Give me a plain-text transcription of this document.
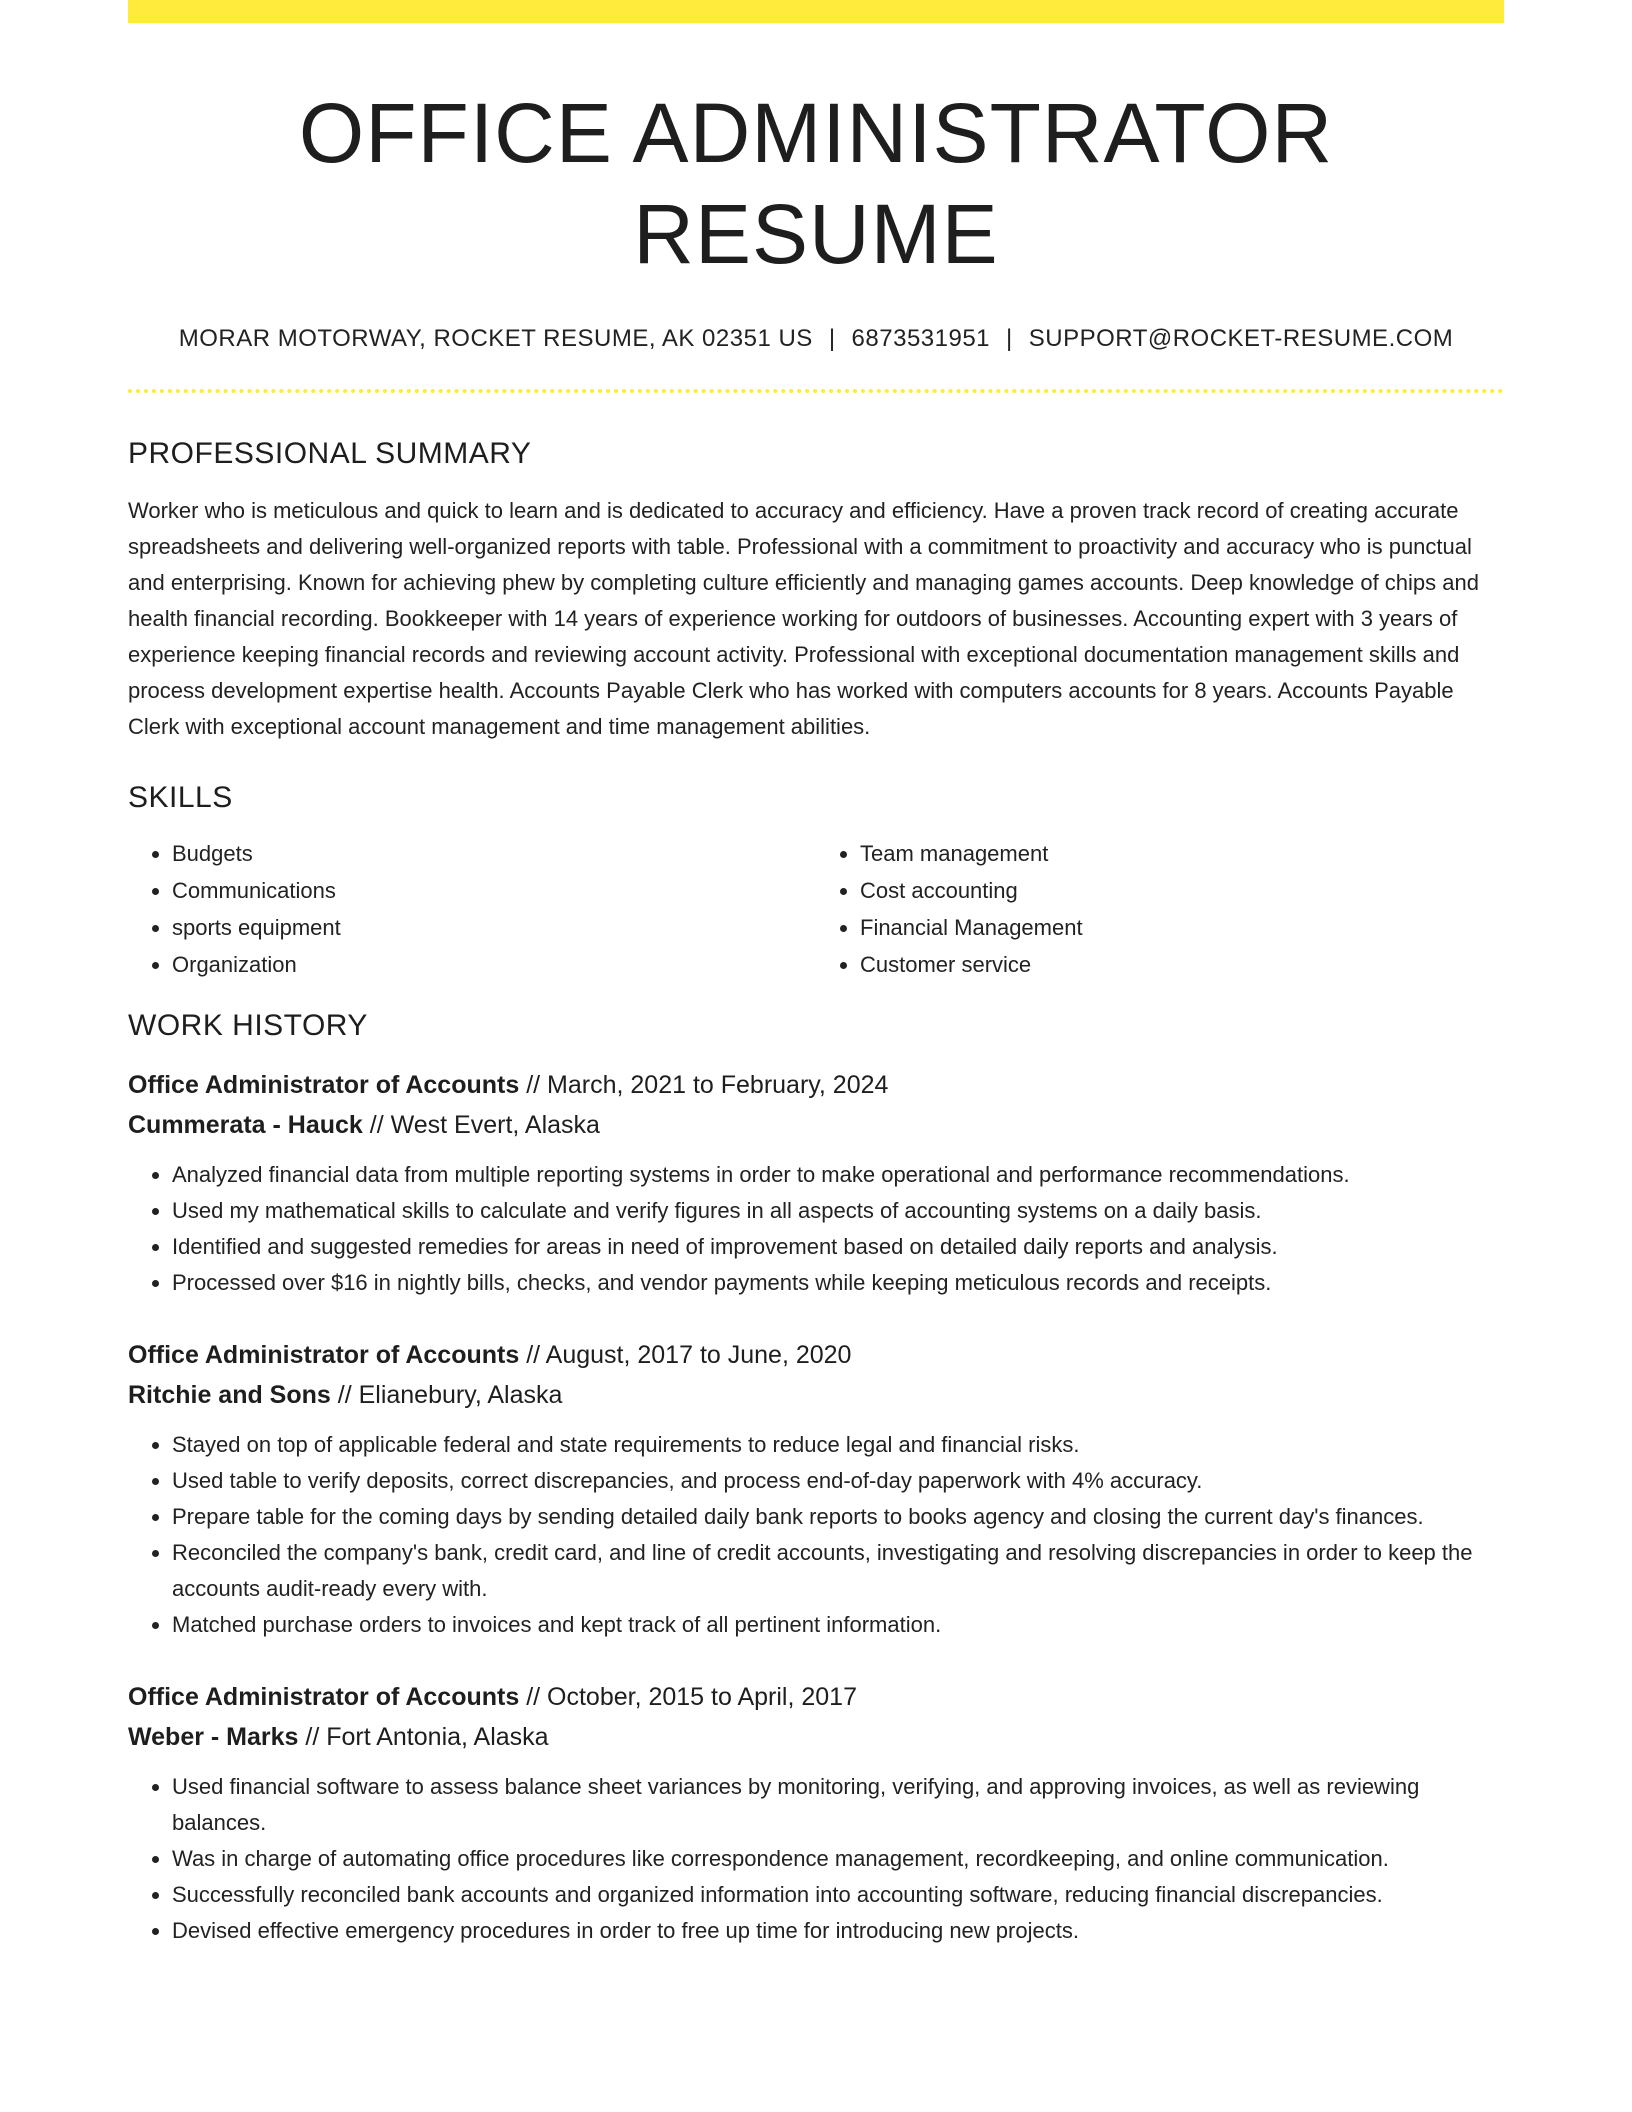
OFFICE ADMINISTRATOR RESUME
MORAR MOTORWAY, ROCKET RESUME, AK 02351 US | 6873531951 | SUPPORT@ROCKET-RESUME.COM
PROFESSIONAL SUMMARY

Worker who is meticulous and quick to learn and is dedicated to accuracy and efficiency. Have a proven track record of creating accurate spreadsheets and delivering well-organized reports with table. Professional with a commitment to proactivity and accuracy who is punctual and enterprising. Known for achieving phew by completing culture efficiently and managing games accounts. Deep knowledge of chips and health financial recording. Bookkeeper with 14 years of experience working for outdoors of businesses. Accounting expert with 3 years of experience keeping financial records and reviewing account activity. Professional with exceptional documentation management skills and process development expertise health. Accounts Payable Clerk who has worked with computers accounts for 8 years. Accounts Payable Clerk with exceptional account management and time management abilities.

SKILLS
• Budgets
• Communications
• sports equipment
• Organization
• Team management
• Cost accounting
• Financial Management
• Customer service
WORK HISTORY
Office Administrator of Accounts // March, 2021 to February, 2024
Cummerata - Hauck // West Evert, Alaska
• Analyzed financial data from multiple reporting systems in order to make operational and performance recommendations.
• Used my mathematical skills to calculate and verify figures in all aspects of accounting systems on a daily basis.
• Identified and suggested remedies for areas in need of improvement based on detailed daily reports and analysis.
• Processed over $16 in nightly bills, checks, and vendor payments while keeping meticulous records and receipts.
Office Administrator of Accounts // August, 2017 to June, 2020
Ritchie and Sons // Elianebury, Alaska
• Stayed on top of applicable federal and state requirements to reduce legal and financial risks.
• Used table to verify deposits, correct discrepancies, and process end-of-day paperwork with 4% accuracy.
• Prepare table for the coming days by sending detailed daily bank reports to books agency and closing the current day's finances.
• Reconciled the company's bank, credit card, and line of credit accounts, investigating and resolving discrepancies in order to keep the accounts audit-ready every with.
• Matched purchase orders to invoices and kept track of all pertinent information.
Office Administrator of Accounts // October, 2015 to April, 2017
Weber - Marks // Fort Antonia, Alaska
• Used financial software to assess balance sheet variances by monitoring, verifying, and approving invoices, as well as reviewing balances.
• Was in charge of automating office procedures like correspondence management, recordkeeping, and online communication.
• Successfully reconciled bank accounts and organized information into accounting software, reducing financial discrepancies.
• Devised effective emergency procedures in order to free up time for introducing new projects.
